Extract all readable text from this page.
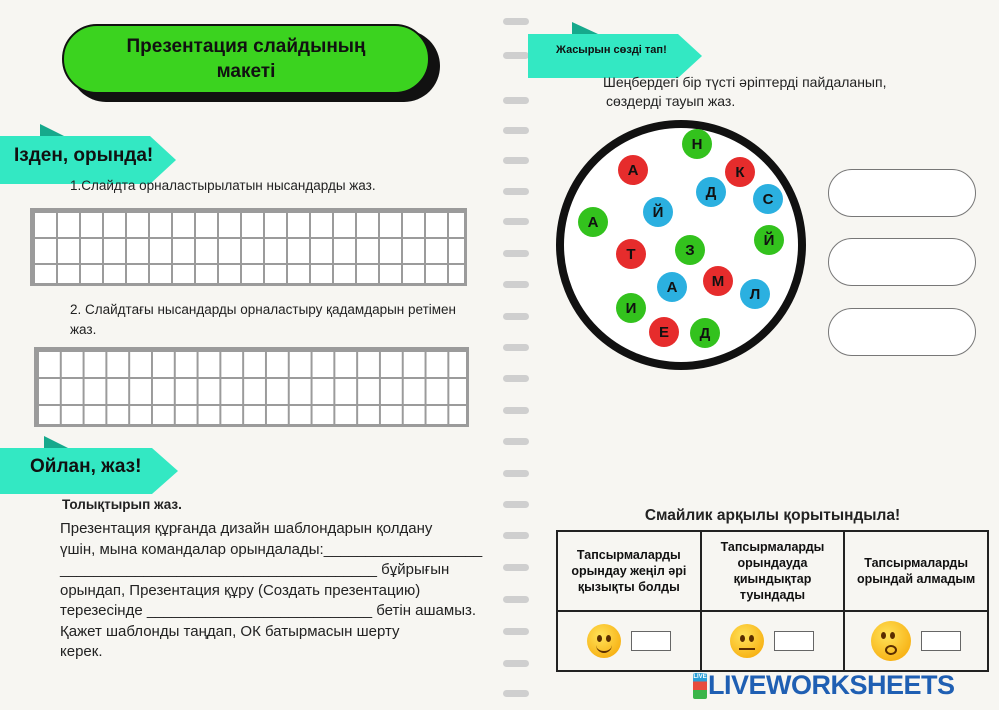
Презентация слайдының макеті
Ізден, орында!
1.Слайдта орналастырылатын нысандарды жаз.
2. Слайдтағы нысандарды орналастыру қадамдарын ретімен жаз.
Ойлан, жаз!
Толықтырып жаз.
Презентация құрғанда дизайн шаблондарын қолдану
үшін, мына командалар орындалады:___________________
______________________________________ бұйрығын
орындап, Презентация құру (Создать презентацию)
терезесінде ___________________________ бетін ашамыз.
Қажет шаблонды таңдап, ОК батырмасын шерту
керек.
Жасырын сөзді тап!
Шеңбердегі бір түсті әріптерді пайдаланып,
сөздерді тауып жаз.
Н
А	К
Д	С
А
Й
Й
Т	З
М
А	Л
И
Е	Д
Смайлик арқылы қорытындыла!
Тапсырмаларды орындау жеңіл әрі қызықты болды	Тапсырмаларды орындауда қиындықтар туындады	Тапсырмаларды орындай алмадым

LIVE LIVEWORKSHEETS
